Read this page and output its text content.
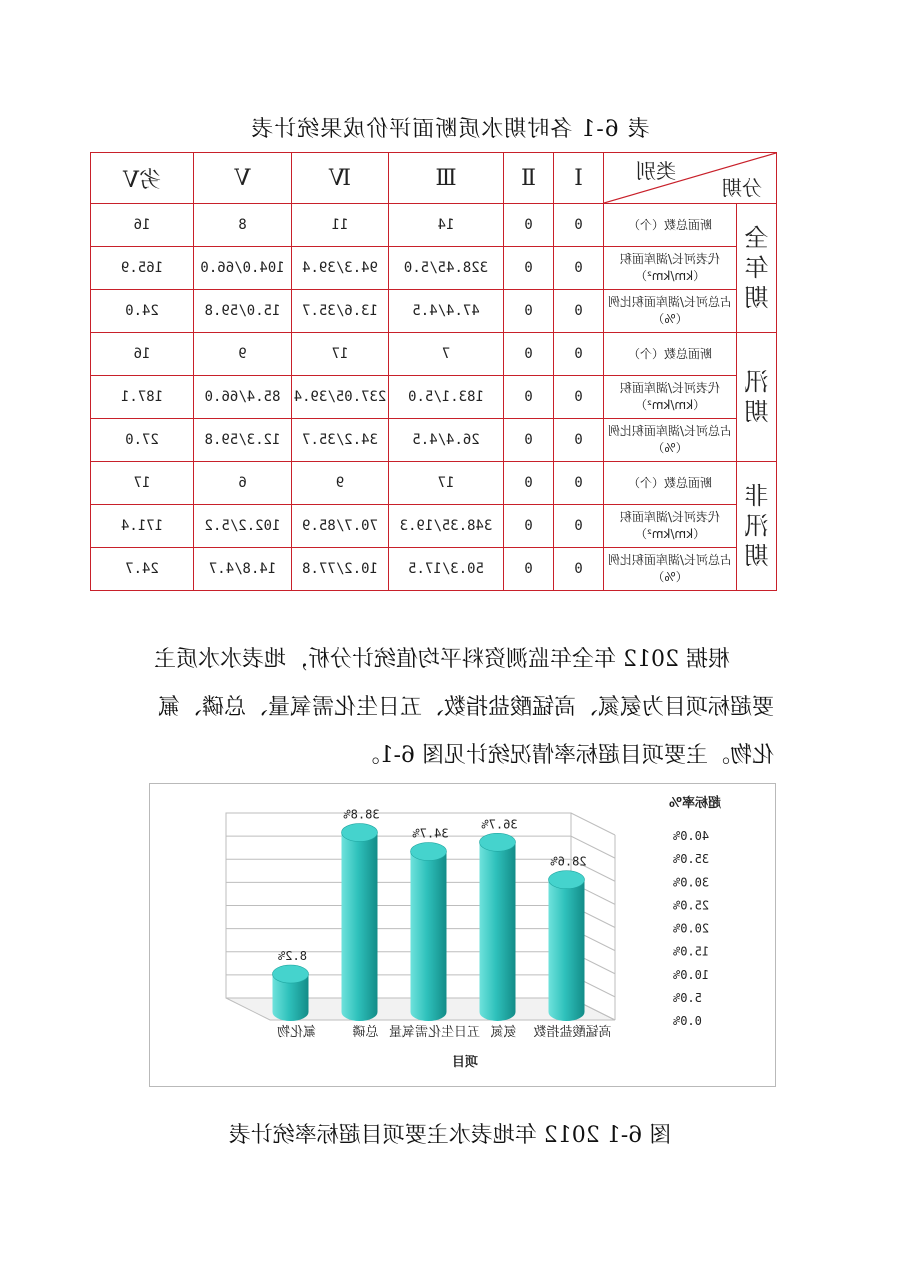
表 6-1 各时期水质断面评价成果统计表
类别
分期		Ⅰ	Ⅱ	Ⅲ	Ⅳ	Ⅴ	劣Ⅴ
全年期	断面总数（个）	0	0	14	11	8	16
	代表河长/湖库面积（km/km²）	0	0	328.45/5.0	94.3/39.4	104.0/66.0	165.9
	占总河长/湖库面积比例（%）	0	0	47.4/4.5	13.6/35.7	15.0/59.8	24.0
汛期	断面总数（个）	0	0	7	17	9	16
	代表河长/湖库面积（km/km²）	0	0	183.1/5.0	237.05/39.4	85.4/66.0	187.1
	占总河长/湖库面积比例（%）	0	0	26.4/4.5	34.2/35.7	12.3/59.8	27.0
非汛期	断面总数（个）	0	0	17	9	6	17
	代表河长/湖库面积（km/km²）	0	0	348.35/19.3	70.7/85.9	102.2/5.2	171.4
	占总河长/湖库面积比例（%）	0	0	50.3/17.5	10.2/77.8	14.8/4.7	24.7

根据 2012 年全年监测资料平均值统计分析，地表水水质主

要超标项目为氨氮、高锰酸盐指数、五日生化需氧量、总磷、氟

化物。主要项目超标率情况统计见图 6-1。

0.0%
5.0%
10.0%
15.0%
20.0%
25.0%
30.0%
35.0%
40.0%
28.6%
高锰酸盐指数
36.7%
氨氮
34.7%
五日生化需氧量
38.8%
总磷
8.2%
氟化物
超标率%
项目
图 6-1 2012 年地表水主要项目超标率统计表
